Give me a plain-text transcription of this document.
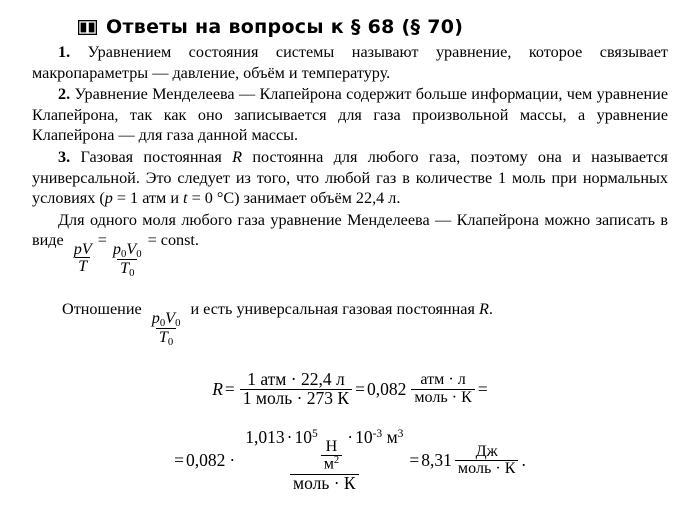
Ответы на вопросы к § 68 (§ 70)

1. Уравнением состояния системы называют уравнение, которое связывает макропараметры — давление, объём и температуру.

2. Уравнение Менделеева — Клапейрона содержит больше информации, чем уравнение Клапейрона, так как оно записывается для газа произвольной массы, а уравнение Клапейрона — для газа данной массы.

3. Газовая постоянная R постоянна для любого газа, поэтому она и называется универсальной. Это следует из того, что любой газ в количестве 1 моль при нормальных условиях (p = 1 атм и t = 0 °C) занимает объём 22,4 л.

Для одного моля любого газа уравнение Менделеева — Клапейрона можно записать в виде
$\frac{pV}{T}$
=
$\frac{p_0V_0}{T_0}$
= const.

Отношение
$\frac{p_0V_0}{T_0}$
и есть универсальная газовая постоянная R.

$R = \frac{\text{1 атм · 22,4 л}}{\text{1 моль · 273 К}} = 0,082 \frac{\text{атм · л}}{\text{моль · К}}$ =
= $0,082 \cdot 1,013 \cdot 10^5$
$\frac{Н}{м^2}$
· $10^{-3}$ $м^3$
моль · $К = 8,31 \frac{Дж}{\text{моль · К}}$ .
